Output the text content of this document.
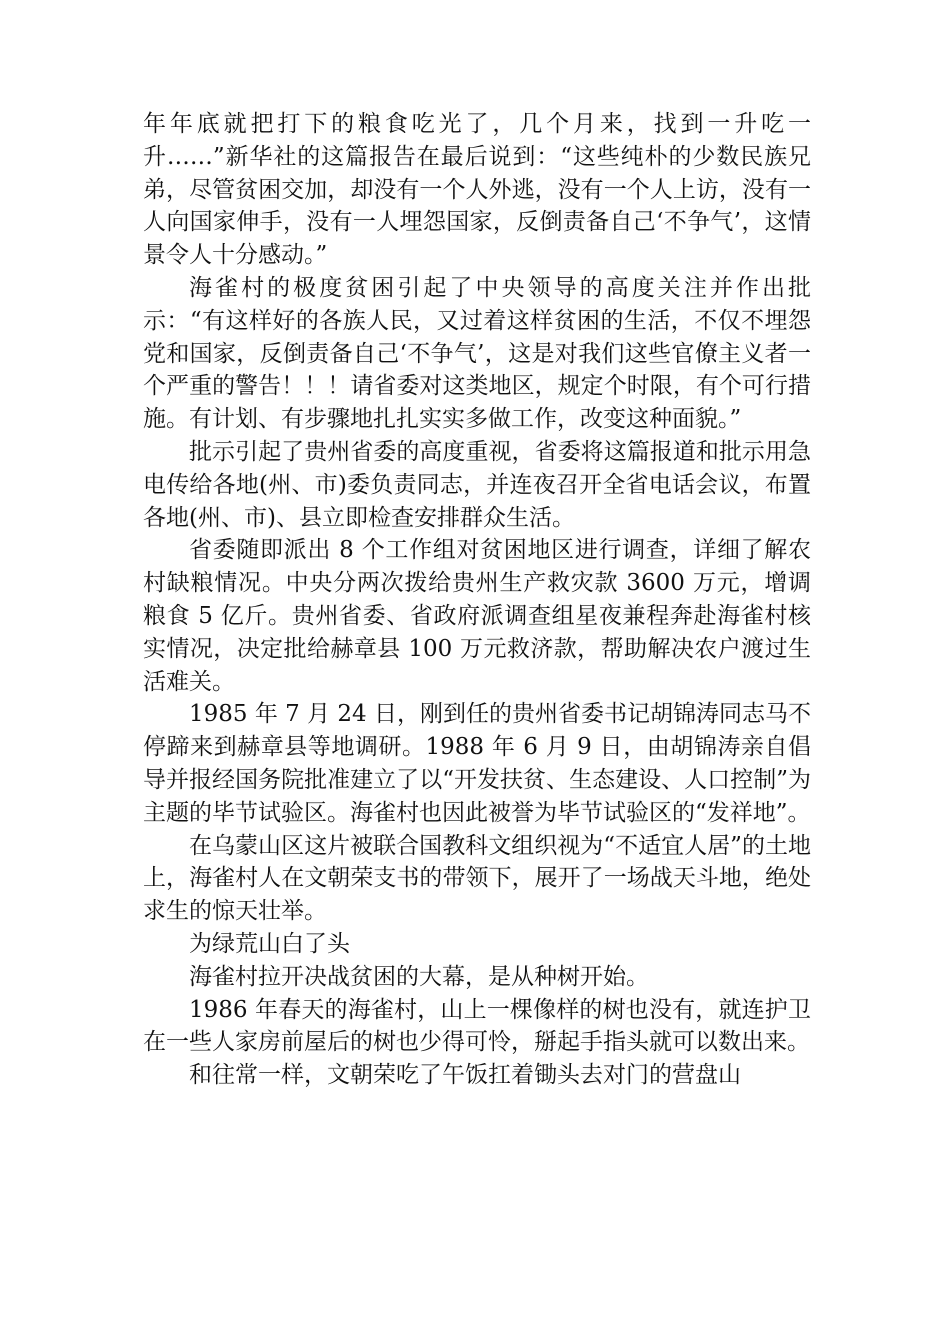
年年底就把打下的粮食吃光了，几个月来，找到一升吃一升……”新华社的这篇报告在最后说到：“这些纯朴的少数民族兄弟，尽管贫困交加，却没有一个人外逃，没有一个人上访，没有一人向国家伸手，没有一人埋怨国家，反倒责备自己‘不争气’，这情景令人十分感动。”

海雀村的极度贫困引起了中央领导的高度关注并作出批示：“有这样好的各族人民，又过着这样贫困的生活，不仅不埋怨党和国家，反倒责备自己‘不争气’，这是对我们这些官僚主义者一个严重的警告！！！请省委对这类地区，规定个时限，有个可行措施。有计划、有步骤地扎扎实实多做工作，改变这种面貌。”

批示引起了贵州省委的高度重视，省委将这篇报道和批示用急电传给各地(州、市)委负责同志，并连夜召开全省电话会议，布置各地(州、市)、县立即检查安排群众生活。

省委随即派出 8 个工作组对贫困地区进行调查，详细了解农村缺粮情况。中央分两次拨给贵州生产救灾款 3600 万元，增调粮食 5 亿斤。贵州省委、省政府派调查组星夜兼程奔赴海雀村核实情况，决定批给赫章县 100 万元救济款，帮助解决农户渡过生活难关。

1985 年 7 月 24 日，刚到任的贵州省委书记胡锦涛同志马不停蹄来到赫章县等地调研。1988 年 6 月 9 日，由胡锦涛亲自倡导并报经国务院批准建立了以“开发扶贫、生态建设、人口控制”为主题的毕节试验区。海雀村也因此被誉为毕节试验区的“发祥地”。

在乌蒙山区这片被联合国教科文组织视为“不适宜人居”的土地上，海雀村人在文朝荣支书的带领下，展开了一场战天斗地，绝处求生的惊天壮举。

为绿荒山白了头

海雀村拉开决战贫困的大幕，是从种树开始。

1986 年春天的海雀村，山上一棵像样的树也没有，就连护卫在一些人家房前屋后的树也少得可怜，掰起手指头就可以数出来。

和往常一样，文朝荣吃了午饭扛着锄头去对门的营盘山
